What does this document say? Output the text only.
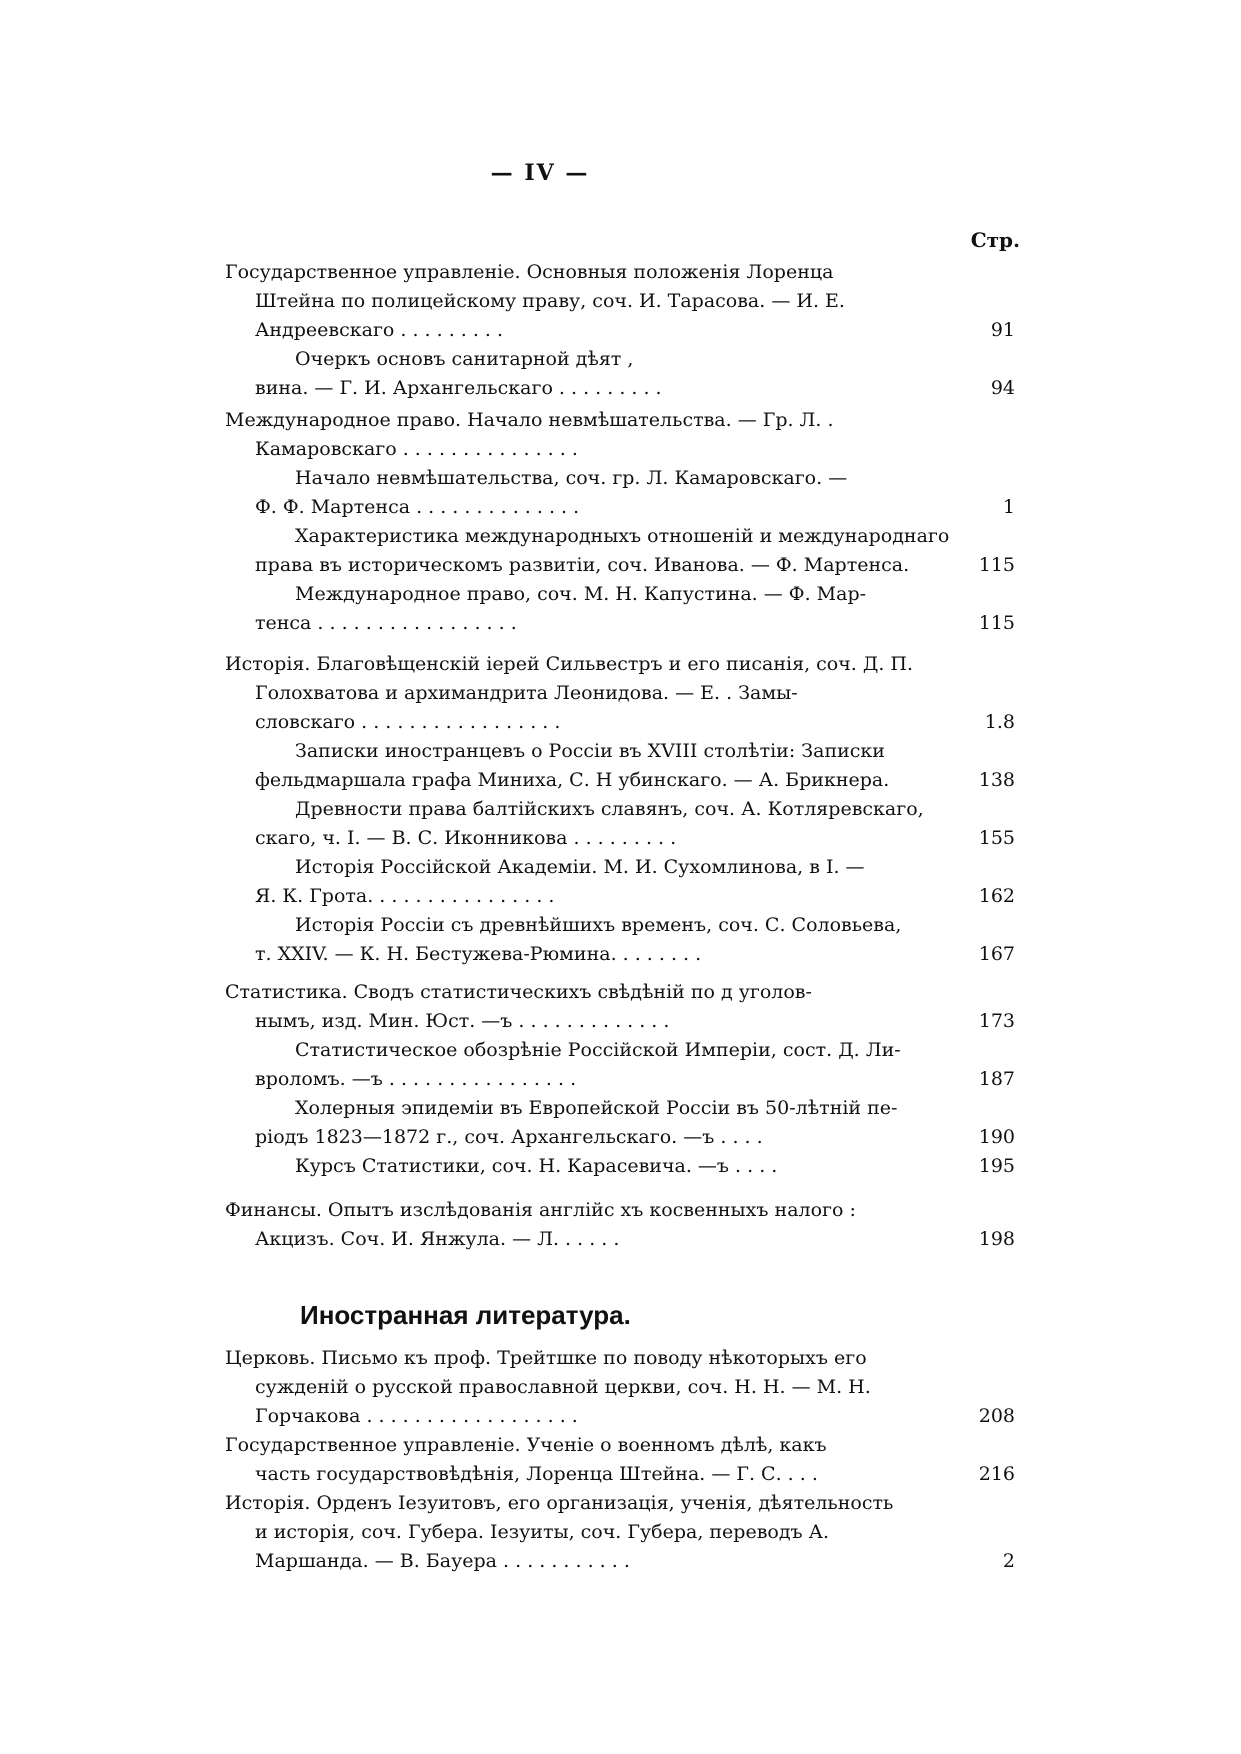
— IV —
Стр.
Государственное управленіе. Основныя положенія Лоренца
Штейна по полицейскому праву, соч. И. Тарасова. — И. Е.
Андреевскаго . . . . . . . . .	91
Очеркъ основъ санитарной дѣят ,
вина. — Г. И. Архангельскаго . . . . . . . . .	94
Международное право. Начало невмѣшательства. — Гр. Л. .
Камаровскаго . . . . . . . . . . . . . . .
Начало невмѣшательства, соч. гр. Л. Камаровскаго. —
Ф. Ф. Мартенса . . . . . . . . . . . . . .	1
Характеристика международныхъ отношеній и международнаго
права въ историческомъ развитіи, соч. Иванова. — Ф. Мартенса.	115
Международное право, соч. М. Н. Капустина. — Ф. Мар-
тенса . . . . . . . . . . . . . . . . .	115
Исторія. Благовѣщенскій іерей Сильвестръ и его писанія, соч. Д. П.
Голохватова и архимандрита Леонидова. — Е. . Замы-
словскаго . . . . . . . . . . . . . . . . .	1.8
Записки иностранцевъ о Россіи въ XVIII столѣтіи: Записки
фельдмаршала графа Миниха, С. Н убинскаго. — А. Брикнера.	138
Древности права балтійскихъ славянъ, соч. А. Котляревскаго,
скаго, ч. I. — В. С. Иконникова . . . . . . . . .	155
Исторія Россійской Академіи. М. И. Сухомлинова, в I. —
Я. К. Грота. . . . . . . . . . . . . . . .	162
Исторія Россіи съ древнѣйшихъ временъ, соч. С. Соловьева,
т. XXIV. — К. Н. Бестужева-Рюмина. . . . . . . .	167
Статистика. Сводъ статистическихъ свѣдѣній по д уголов-
нымъ, изд. Мин. Юст. —ъ . . . . . . . . . . . . .	173
Статистическое обозрѣніе Россійской Имперіи, сост. Д. Ли-
вроломъ. —ъ . . . . . . . . . . . . . . . .	187
Холерныя эпидеміи въ Европейской Россіи въ 50-лѣтній пе-
ріодъ 1823—1872 г., соч. Архангельскаго. —ъ . . . .	190
Курсъ Статистики, соч. Н. Карасевича. —ъ . . . .	195
Финансы. Опытъ изслѣдованія англійс хъ косвенныхъ налого :
Акцизъ. Соч. И. Янжула. — Л. . . . . .	198
Иностранная литература.
Церковь. Письмо къ проф. Трейтшке по поводу нѣкоторыхъ его
сужденій о русской православной церкви, соч. Н. Н. — М. Н.
Горчакова . . . . . . . . . . . . . . . . . .	208
Государственное управленіе. Ученіе о военномъ дѣлѣ, какъ
часть государствовѣдѣнія, Лоренца Штейна. — Г. С. . . .	216
Исторія. Орденъ Іезуитовъ, его организація, ученія, дѣятельность
и исторія, соч. Губера. Іезуиты, соч. Губера, переводъ А.
Маршанда. — В. Бауера . . . . . . . . . . .	2
